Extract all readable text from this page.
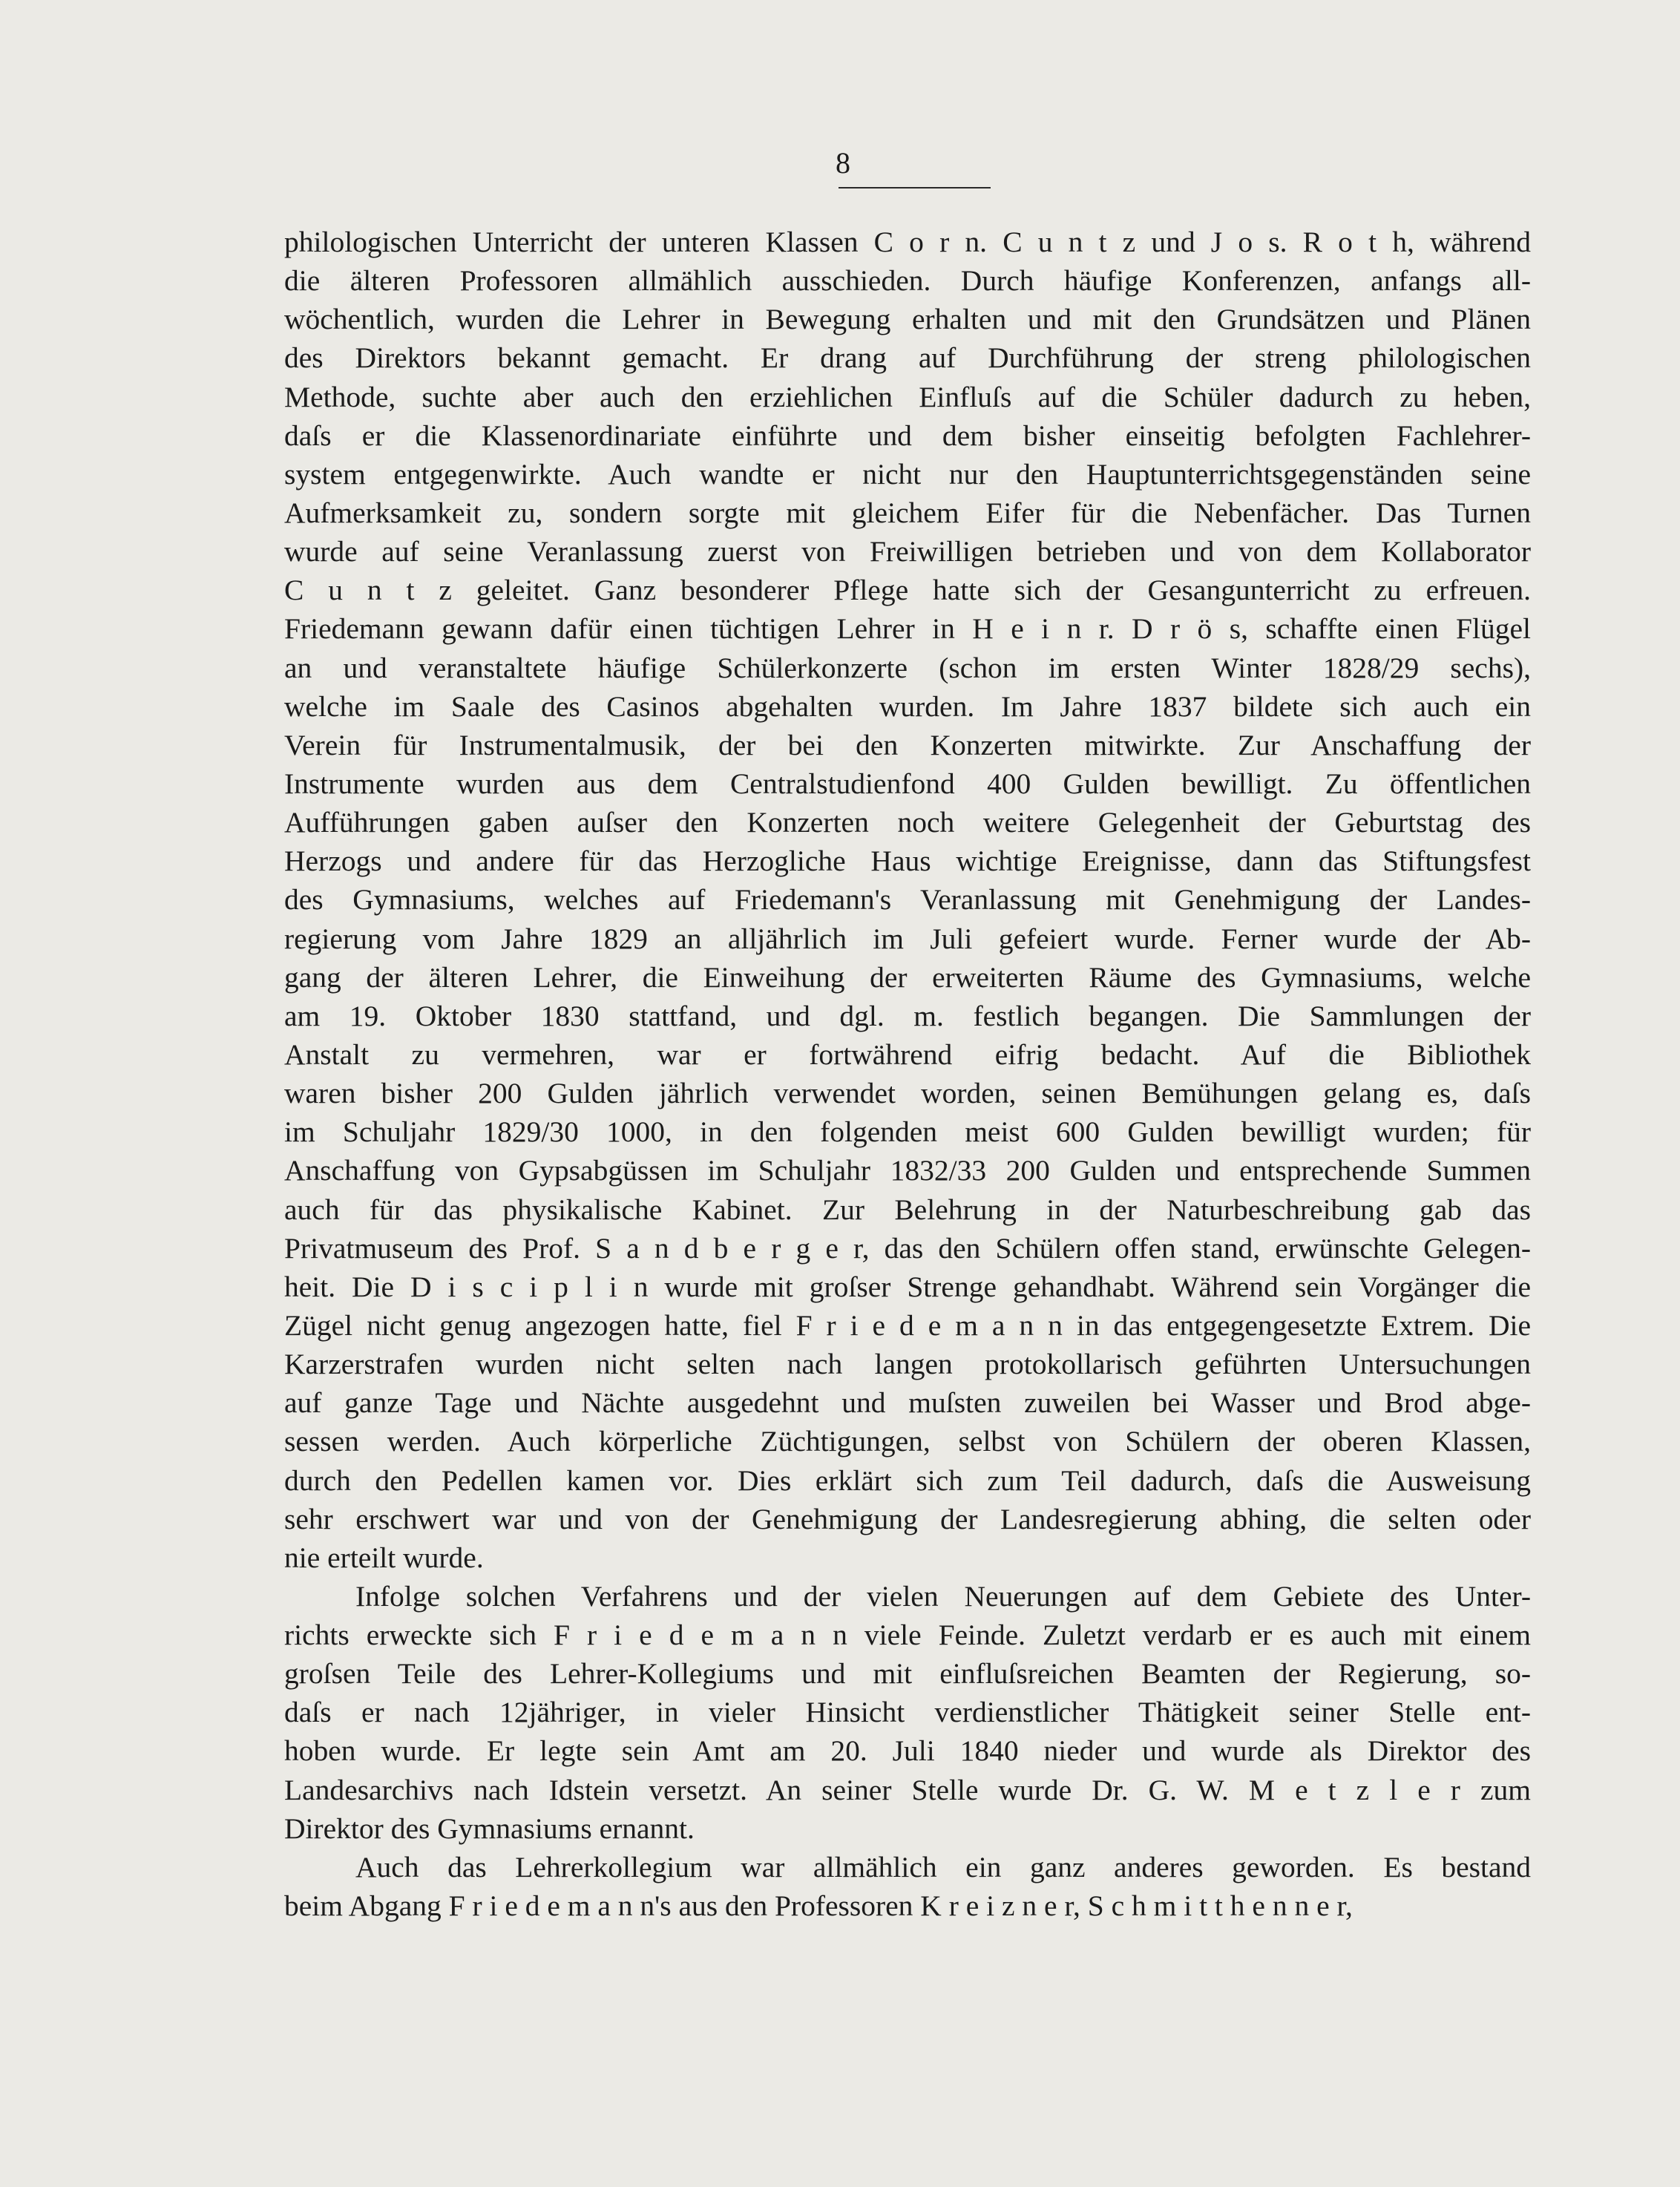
8
philologischen Unterricht der unteren Klassen C o r n. C u n t z und J o s. R o t h, während
die älteren Professoren allmählich ausschieden. Durch häufige Konferenzen, anfangs all-
wöchentlich, wurden die Lehrer in Bewegung erhalten und mit den Grundsätzen und Plänen
des Direktors bekannt gemacht. Er drang auf Durchführung der streng philologischen
Methode, suchte aber auch den erziehlichen Einfluſs auf die Schüler dadurch zu heben,
daſs er die Klassenordinariate einführte und dem bisher einseitig befolgten Fachlehrer-
system entgegenwirkte. Auch wandte er nicht nur den Hauptunterrichtsgegenständen seine
Aufmerksamkeit zu, sondern sorgte mit gleichem Eifer für die Nebenfächer. Das Turnen
wurde auf seine Veranlassung zuerst von Freiwilligen betrieben und von dem Kollaborator
C u n t z geleitet. Ganz besonderer Pflege hatte sich der Gesangunterricht zu erfreuen.
Friedemann gewann dafür einen tüchtigen Lehrer in H e i n r. D r ö s, schaffte einen Flügel
an und veranstaltete häufige Schülerkonzerte (schon im ersten Winter 1828/29 sechs),
welche im Saale des Casinos abgehalten wurden. Im Jahre 1837 bildete sich auch ein
Verein für Instrumentalmusik, der bei den Konzerten mitwirkte. Zur Anschaffung der
Instrumente wurden aus dem Centralstudienfond 400 Gulden bewilligt. Zu öffentlichen
Aufführungen gaben auſser den Konzerten noch weitere Gelegenheit der Geburtstag des
Herzogs und andere für das Herzogliche Haus wichtige Ereignisse, dann das Stiftungsfest
des Gymnasiums, welches auf Friedemann's Veranlassung mit Genehmigung der Landes-
regierung vom Jahre 1829 an alljährlich im Juli gefeiert wurde. Ferner wurde der Ab-
gang der älteren Lehrer, die Einweihung der erweiterten Räume des Gymnasiums, welche
am 19. Oktober 1830 stattfand, und dgl. m. festlich begangen. Die Sammlungen der
Anstalt zu vermehren, war er fortwährend eifrig bedacht. Auf die Bibliothek
waren bisher 200 Gulden jährlich verwendet worden, seinen Bemühungen gelang es, daſs
im Schuljahr 1829/30 1000, in den folgenden meist 600 Gulden bewilligt wurden; für
Anschaffung von Gypsabgüssen im Schuljahr 1832/33 200 Gulden und entsprechende Summen
auch für das physikalische Kabinet. Zur Belehrung in der Naturbeschreibung gab das
Privatmuseum des Prof. S a n d b e r g e r, das den Schülern offen stand, erwünschte Gelegen-
heit. Die D i s c i p l i n wurde mit groſser Strenge gehandhabt. Während sein Vorgänger die
Zügel nicht genug angezogen hatte, fiel F r i e d e m a n n in das entgegengesetzte Extrem. Die
Karzerstrafen wurden nicht selten nach langen protokollarisch geführten Untersuchungen
auf ganze Tage und Nächte ausgedehnt und muſsten zuweilen bei Wasser und Brod abge-
sessen werden. Auch körperliche Züchtigungen, selbst von Schülern der oberen Klassen,
durch den Pedellen kamen vor. Dies erklärt sich zum Teil dadurch, daſs die Ausweisung
sehr erschwert war und von der Genehmigung der Landesregierung abhing, die selten oder
nie erteilt wurde.
Infolge solchen Verfahrens und der vielen Neuerungen auf dem Gebiete des Unter-
richts erweckte sich F r i e d e m a n n viele Feinde. Zuletzt verdarb er es auch mit einem
groſsen Teile des Lehrer-Kollegiums und mit einfluſsreichen Beamten der Regierung, so-
daſs er nach 12jähriger, in vieler Hinsicht verdienstlicher Thätigkeit seiner Stelle ent-
hoben wurde. Er legte sein Amt am 20. Juli 1840 nieder und wurde als Direktor des
Landesarchivs nach Idstein versetzt. An seiner Stelle wurde Dr. G. W. M e t z l e r zum
Direktor des Gymnasiums ernannt.
Auch das Lehrerkollegium war allmählich ein ganz anderes geworden. Es bestand
beim Abgang F r i e d e m a n n's aus den Professoren K r e i z n e r, S c h m i t t h e n n e r,
